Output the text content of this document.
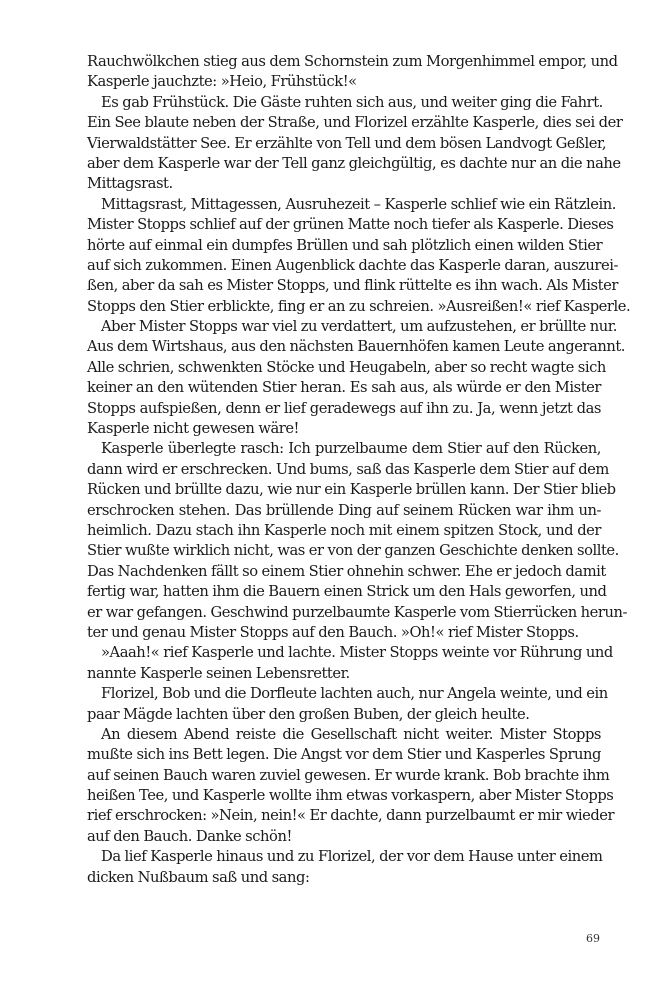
Rauchwölkchen stieg aus dem Schornstein zum Morgenhimmel empor, und
Kasperle jauchzte: »Heio, Frühstück!«
Es gab Frühstück. Die Gäste ruhten sich aus, und weiter ging die Fahrt.
Ein See blaute neben der Straße, und Florizel erzählte Kasperle, dies sei der
Vierwaldstätter See. Er erzählte von Tell und dem bösen Landvogt Geßler,
aber dem Kasperle war der Tell ganz gleichgültig, es dachte nur an die nahe
Mittagsrast.
Mittagsrast, Mittagessen, Ausruhezeit – Kasperle schlief wie ein Rätzlein.
Mister Stopps schlief auf der grünen Matte noch tiefer als Kasperle. Dieses
hörte auf einmal ein dumpfes Brüllen und sah plötzlich einen wilden Stier
auf sich zukommen. Einen Augenblick dachte das Kasperle daran, auszurei-
ßen, aber da sah es Mister Stopps, und flink rüttelte es ihn wach. Als Mister
Stopps den Stier erblickte, fing er an zu schreien. »Ausreißen!« rief Kasperle.
Aber Mister Stopps war viel zu verdattert, um aufzustehen, er brüllte nur.
Aus dem Wirtshaus, aus den nächsten Bauernhöfen kamen Leute angerannt.
Alle schrien, schwenkten Stöcke und Heugabeln, aber so recht wagte sich
keiner an den wütenden Stier heran. Es sah aus, als würde er den Mister
Stopps aufspießen, denn er lief geradewegs auf ihn zu. Ja, wenn jetzt das
Kasperle nicht gewesen wäre!
Kasperle überlegte rasch: Ich purzelbaume dem Stier auf den Rücken,
dann wird er erschrecken. Und bums, saß das Kasperle dem Stier auf dem
Rücken und brüllte dazu, wie nur ein Kasperle brüllen kann. Der Stier blieb
erschrocken stehen. Das brüllende Ding auf seinem Rücken war ihm un-
heimlich. Dazu stach ihn Kasperle noch mit einem spitzen Stock, und der
Stier wußte wirklich nicht, was er von der ganzen Geschichte denken sollte.
Das Nachdenken fällt so einem Stier ohnehin schwer. Ehe er jedoch damit
fertig war, hatten ihm die Bauern einen Strick um den Hals geworfen, und
er war gefangen. Geschwind purzelbaumte Kasperle vom Stierrücken herun-
ter und genau Mister Stopps auf den Bauch. »Oh!« rief Mister Stopps.
»Aaah!« rief Kasperle und lachte. Mister Stopps weinte vor Rührung und
nannte Kasperle seinen Lebensretter.
Florizel, Bob und die Dorfleute lachten auch, nur Angela weinte, und ein
paar Mägde lachten über den großen Buben, der gleich heulte.
An diesem Abend reiste die Gesellschaft nicht weiter. Mister Stopps
mußte sich ins Bett legen. Die Angst vor dem Stier und Kasperles Sprung
auf seinen Bauch waren zuviel gewesen. Er wurde krank. Bob brachte ihm
heißen Tee, und Kasperle wollte ihm etwas vorkaspern, aber Mister Stopps
rief erschrocken: »Nein, nein!« Er dachte, dann purzelbaumt er mir wieder
auf den Bauch. Danke schön!
Da lief Kasperle hinaus und zu Florizel, der vor dem Hause unter einem
dicken Nußbaum saß und sang:
69
